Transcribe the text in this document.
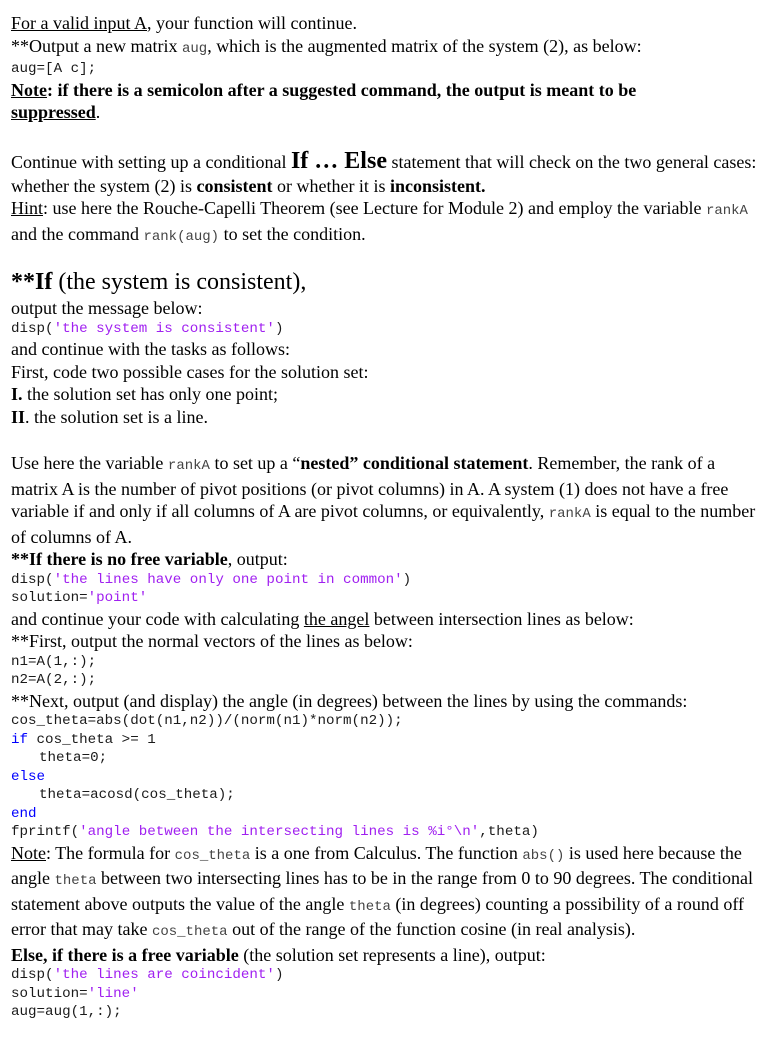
For a valid input A, your function will continue.

**Output a new matrix aug, which is the augmented matrix of the system (2), as below:

aug=[A c];

Note: if there is a semicolon after a suggested command, the output is meant to be
suppressed.

Continue with setting up a conditional If … Else statement that will check on the two general cases: whether the system (2) is consistent or whether it is inconsistent.

Hint: use here the Rouche-Capelli Theorem (see Lecture for Module 2) and employ the variable rankA and the command rank(aug) to set the condition.

**If (the system is consistent),

output the message below:

disp('the system is consistent')

and continue with the tasks as follows:

First, code two possible cases for the solution set:

I. the solution set has only one point;

II. the solution set is a line.

Use here the variable rankA to set up a “nested” conditional statement. Remember, the rank of a matrix A is the number of pivot positions (or pivot columns) in A. A system (1) does not have a free variable if and only if all columns of A are pivot columns, or equivalently, rankA is equal to the number of columns of A.

**If there is no free variable, output:

disp('the lines have only one point in common')
solution='point'

and continue your code with calculating the angel between intersection lines as below:

**First, output the normal vectors of the lines as below:

n1=A(1,:);
n2=A(2,:);

**Next, output (and display) the angle (in degrees) between the lines by using the commands:

cos_theta=abs(dot(n1,n2))/(norm(n1)*norm(n2));
if cos_theta >= 1
theta=0;
else
theta=acosd(cos_theta);
end
fprintf('angle between the intersecting lines is %i°\n',theta)

Note: The formula for cos_theta is a one from Calculus. The function abs() is used here because the angle theta between two intersecting lines has to be in the range from 0 to 90 degrees. The conditional statement above outputs the value of the angle theta (in degrees) counting a possibility of a round off error that may take cos_theta out of the range of the function cosine (in real analysis).

Else, if there is a free variable (the solution set represents a line), output:

disp('the lines are coincident')
solution='line'
aug=aug(1,:);
